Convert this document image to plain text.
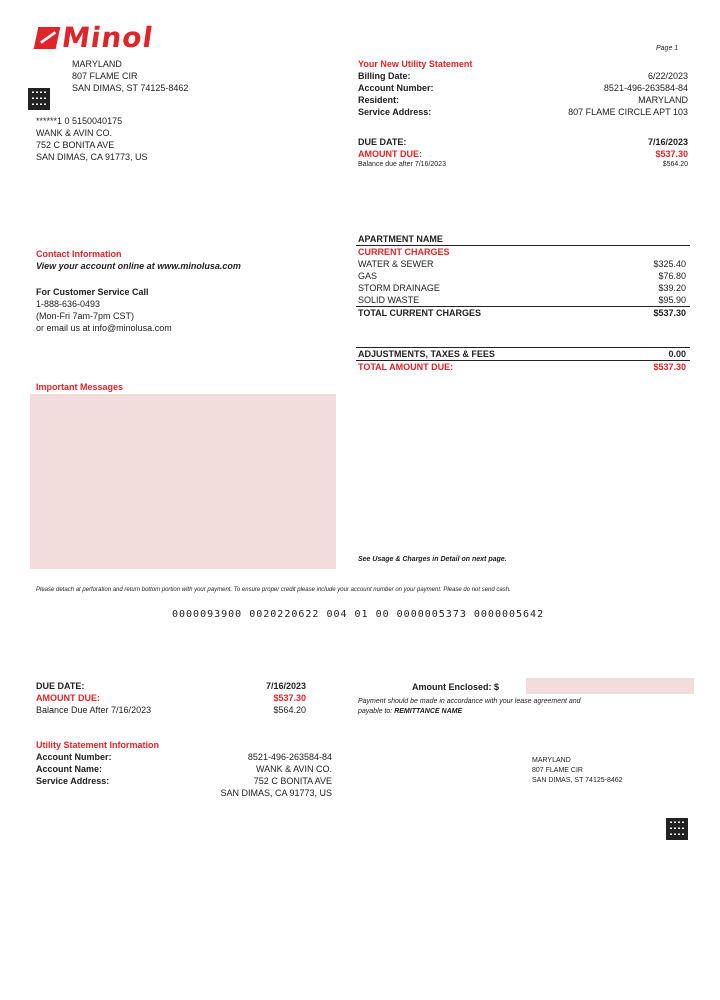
Minol	Page 1
MARYLAND
807 FLAME CIR
SAN DIMAS, ST 74125-8462
******1 0 5150040175
WANK & AVIN CO.
752 C BONITA AVE
SAN DIMAS, CA 91773, US
Your New Utility Statement
Billing Date:	6/22/2023
Account Number:	8521-496-263584-84
Resident:	MARYLAND
Service Address:	807 FLAME CIRCLE APT 103
DUE DATE:	7/16/2023
AMOUNT DUE:	$537.30
Balance due after 7/16/2023	$564.20
Contact Information
View your account online at www.minolusa.com
For Customer Service Call
1-888-636-0493
(Mon-Fri 7am-7pm CST)
or email us at info@minolusa.com
Important Messages
APARTMENT NAME
CURRENT CHARGES
WATER & SEWER	$325.40
GAS	$76.80
STORM DRAINAGE	$39.20
SOLID WASTE	$95.90
TOTAL CURRENT CHARGES	$537.30
ADJUSTMENTS, TAXES & FEES	0.00
TOTAL AMOUNT DUE:	$537.30
See Usage & Charges in Detail on next page.
Please detach at perforation and return bottom portion with your payment. To ensure proper credit please include your account number on your payment. Please do not send cash.
0000093900 0020220622 004 01 00 0000005373 0000005642
DUE DATE:	7/16/2023
AMOUNT DUE:	$537.30
Balance Due After 7/16/2023	$564.20
Utility Statement Information
Account Number:	8521-496-263584-84
Account Name:	WANK & AVIN CO.
Service Address:	752 C BONITA AVE
SAN DIMAS, CA 91773, US
Amount Enclosed: $
Payment should be made in accordance with your lease agreement and
payable to: REMITTANCE NAME
MARYLAND
807 FLAME CIR
SAN DIMAS, ST 74125-8462
